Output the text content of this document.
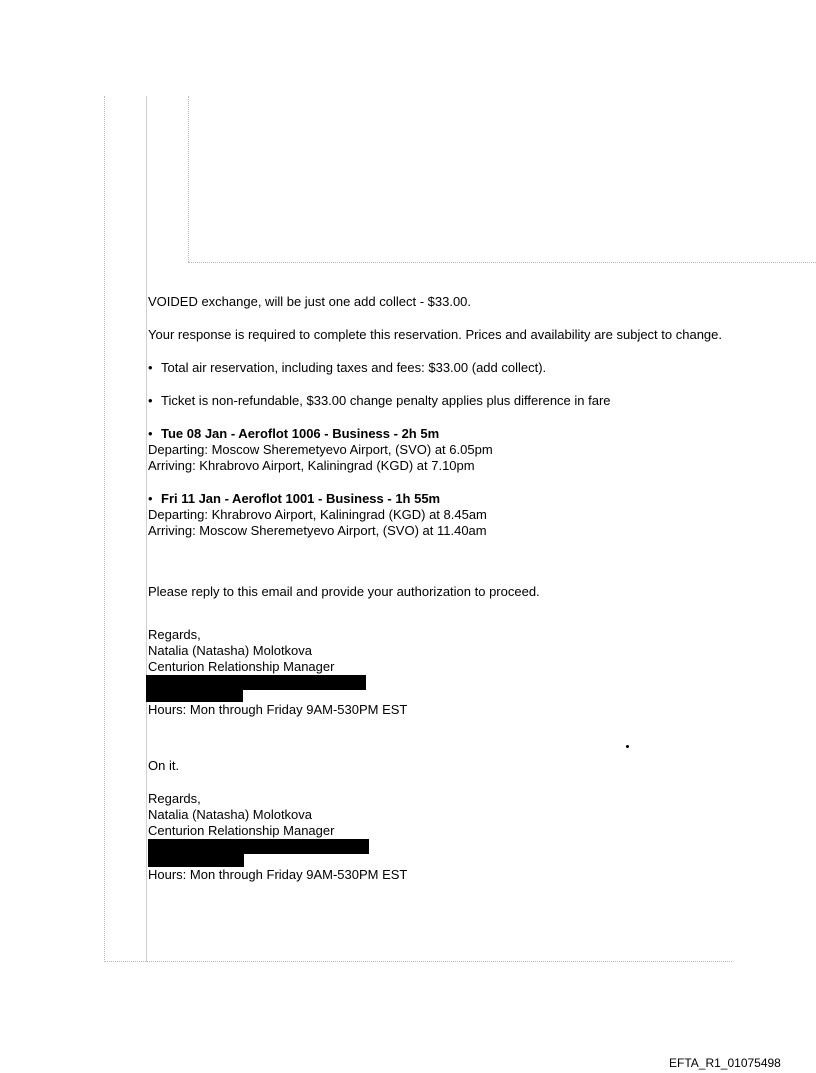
VOIDED exchange, will be just one add collect - $33.00.

Your response is required to complete this reservation. Prices and availability are subject to change.

• Total air reservation, including taxes and fees: $33.00 (add collect).
• Ticket is non-refundable, $33.00 change penalty applies plus difference in fare
• Tue 08 Jan - Aeroflot 1006 - Business - 2h 5m
Departing: Moscow Sheremetyevo Airport, (SVO) at 6.05pm
Arriving: Khrabrovo Airport, Kaliningrad (KGD) at 7.10pm
• Fri 11 Jan - Aeroflot 1001 - Business - 1h 55m
Departing: Khrabrovo Airport, Kaliningrad (KGD) at 8.45am
Arriving: Moscow Sheremetyevo Airport, (SVO) at 11.40am

Please reply to this email and provide your authorization to proceed.

Regards,
Natalia (Natasha) Molotkova
Centurion Relationship Manager
Hours: Mon through Friday 9AM-530PM EST

On it.

Regards,
Natalia (Natasha) Molotkova
Centurion Relationship Manager
Hours: Mon through Friday 9AM-530PM EST
EFTA_R1_01075498
